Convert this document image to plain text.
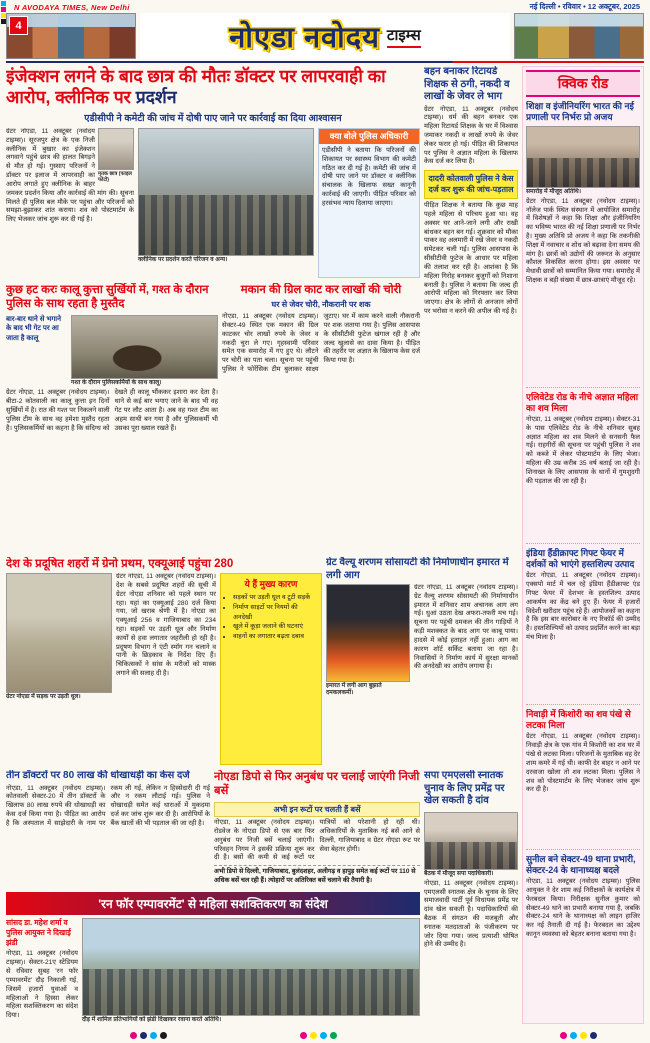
N AVODAYA TIMES, New Delhi	नई दिल्ली • रविवार • 12 अक्टूबर, 2025
4	नोएडा नवोदय टाइम्स
इंजेक्शन लगने के बाद छात्र की मौतः डॉक्टर पर लापरवाही का आरोप, क्लीनिक पर प्रदर्शन
एडीसीपी ने कमेटी की जांच में दोषी पाए जाने पर कार्रवाई का दिया आश्वासन
मृतक छात्र (फाइल फोटो)

ग्रेटर नोएडा, 11 अक्टूबर (नवोदय टाइम्स)। सूरजपुर क्षेत्र के एक निजी क्लीनिक में बुखार का इंजेक्शन लगवाने पहुंचे छात्र की हालत बिगड़ने से मौत हो गई। गुस्साए परिजनों ने डॉक्टर पर इलाज में लापरवाही का आरोप लगाते हुए क्लीनिक के बाहर जमकर प्रदर्शन किया और कार्रवाई की मांग की। सूचना मिलते ही पुलिस बल मौके पर पहुंचा और परिजनों को समझा-बुझाकर शांत कराया। शव को पोस्टमार्टम के लिए भेजकर जांच शुरू कर दी गई है।

क्लीनिक पर प्रदर्शन करते परिजन व अन्य।
क्या बोले पुलिस अधिकारी

एडीसीपी ने बताया कि परिजनों की शिकायत पर स्वास्थ्य विभाग की कमेटी गठित कर दी गई है। कमेटी की जांच में दोषी पाए जाने पर डॉक्टर व क्लीनिक संचालक के खिलाफ सख्त कानूनी कार्रवाई की जाएगी। पीड़ित परिवार को हरसंभव न्याय दिलाया जाएगा।

कुछ हट करः कालू कुत्ता सुर्खियों में, गश्त के दौरान पुलिस के साथ रहता है मुस्तैद
बार-बार थाने से भगाने के बाद भी गेट पर आ जाता है कालू
गश्त के दौरान पुलिसकर्मियों के साथ कालू।

ग्रेटर नोएडा, 11 अक्टूबर (नवोदय टाइम्स)। बीटा-2 कोतवाली का कालू कुत्ता इन दिनों सुर्खियों में है। रात की गश्त पर निकलने वाली पुलिस टीम के साथ वह हमेशा मुस्तैद रहता है। पुलिसकर्मियों का कहना है कि संदिग्ध को देखते ही कालू भौंककर इशारा कर देता है। थाने से कई बार भगाए जाने के बाद भी वह गेट पर लौट आता है। अब वह गश्त टीम का अहम साथी बन गया है और पुलिसकर्मी भी उसका पूरा ख्याल रखते हैं।

मकान की ग्रिल काट कर लाखों की चोरी
घर से जेवर चोरी, नौकरानी पर शक

नोएडा, 11 अक्टूबर (नवोदय टाइम्स)। सेक्टर-49 स्थित एक मकान की ग्रिल काटकर चोर लाखों रुपये के जेवर व नकदी चुरा ले गए। गृहस्वामी परिवार समेत एक समारोह में गए हुए थे। लौटने पर चोरी का पता चला। सूचना पर पहुंची पुलिस ने फोरेंसिक टीम बुलाकर साक्ष्य जुटाए। घर में काम करने वाली नौकरानी पर शक जताया गया है। पुलिस आसपास के सीसीटीवी फुटेज खंगाल रही है और जल्द खुलासे का दावा किया है। पीड़ित की तहरीर पर अज्ञात के खिलाफ केस दर्ज किया गया है।

बहन बनाकर रिटायर्ड शिक्षक से ठगी, नकदी व लाखों के जेवर ले भाग

ग्रेटर नोएडा, 11 अक्टूबर (नवोदय टाइम्स)। धर्म की बहन बनकर एक महिला रिटायर्ड शिक्षक के घर में विश्वास जमाकर नकदी व लाखों रुपये के जेवर लेकर फरार हो गई। पीड़ित की शिकायत पर पुलिस ने अज्ञात महिला के खिलाफ केस दर्ज कर लिया है।

दादरी कोतवाली पुलिस ने केस दर्ज कर शुरू की जांच-पड़ताल

पीड़ित शिक्षक ने बताया कि कुछ माह पहले महिला से परिचय हुआ था। वह अक्सर घर आने-जाने लगी और राखी बांधकर बहन बन गई। शुक्रवार को मौका पाकर वह अलमारी में रखे जेवर व नकदी समेटकर चली गई। पुलिस आसपास के सीसीटीवी फुटेज के आधार पर महिला की तलाश कर रही है। आशंका है कि महिला गिरोह बनाकर बुजुर्गों को निशाना बनाती है। पुलिस ने बताया कि जल्द ही आरोपी महिला को गिरफ्तार कर लिया जाएगा। क्षेत्र के लोगों से अनजान लोगों पर भरोसा न करने की अपील की गई है।

देश के प्रदूषित शहरों में ग्रेनो प्रथम, एक्यूआई पहुंचा 280
ग्रेटर नोएडा में सड़क पर उड़ती धूल।

ग्रेटर नोएडा, 11 अक्टूबर (नवोदय टाइम्स)। देश के सबसे प्रदूषित शहरों की सूची में ग्रेटर नोएडा शनिवार को पहले स्थान पर रहा। यहां का एक्यूआई 280 दर्ज किया गया, जो खराब श्रेणी में है। नोएडा का एक्यूआई 256 व गाजियाबाद का 234 रहा। सड़कों पर उड़ती धूल और निर्माण कार्यों से हवा लगातार जहरीली हो रही है। प्रदूषण विभाग ने एंटी स्मॉग गन चलाने व पानी के छिड़काव के निर्देश दिए हैं। चिकित्सकों ने सांस के मरीजों को मास्क लगाने की सलाह दी है।

ये हैं मुख्य कारण
• सड़कों पर उड़ती धूल व टूटी सड़कें
• निर्माण साइटों पर नियमों की अनदेखी
• खुले में कूड़ा जलाने की घटनाएं
• वाहनों का लगातार बढ़ता दबाव
ग्रेट वैल्यू शरणम सोसायटी की निर्माणाधीन इमारत में लगी आग
इमारत में लगी आग बुझाते दमकलकर्मी।

ग्रेटर नोएडा, 11 अक्टूबर (नवोदय टाइम्स)। ग्रेट वैल्यू शरणम सोसायटी की निर्माणाधीन इमारत में शनिवार शाम अचानक आग लग गई। धुआं उठता देख अफरा-तफरी मच गई। सूचना पर पहुंची दमकल की तीन गाड़ियों ने कड़ी मशक्कत के बाद आग पर काबू पाया। हादसे में कोई हताहत नहीं हुआ। आग का कारण शॉर्ट सर्किट बताया जा रहा है। निवासियों ने निर्माण कार्य में सुरक्षा मानकों की अनदेखी का आरोप लगाया है।

तीन डॉक्टरों पर 80 लाख की धोखाधड़ी का केस दर्ज

नोएडा, 11 अक्टूबर (नवोदय टाइम्स)। कोतवाली सेक्टर-20 में तीन डॉक्टरों के खिलाफ 80 लाख रुपये की धोखाधड़ी का केस दर्ज किया गया है। पीड़ित का आरोप है कि अस्पताल में साझेदारी के नाम पर रकम ली गई, लेकिन न हिस्सेदारी दी गई और न रकम लौटाई गई। पुलिस ने धोखाधड़ी समेत कई धाराओं में मुकदमा दर्ज कर जांच शुरू कर दी है। आरोपियों के बैंक खातों की भी पड़ताल की जा रही है।

नोएडा डिपो से फिर अनुबंध पर चलाई जाएंगी निजी बसें
अभी इन रूटों पर चलती हैं बसें

नोएडा, 11 अक्टूबर (नवोदय टाइम्स)। रोडवेज के नोएडा डिपो से एक बार फिर अनुबंध पर निजी बसें चलाई जाएंगी। परिवहन निगम ने इसकी प्रक्रिया शुरू कर दी है। बसों की कमी से कई रूटों पर यात्रियों को परेशानी हो रही थी। अधिकारियों के मुताबिक नई बसें आने से दिल्ली, गाजियाबाद व ग्रेटर नोएडा रूट पर सेवा बेहतर होगी।

अभी डिपो से दिल्ली, गाजियाबाद, बुलंदशहर, अलीगढ़ व हापुड़ समेत कई रूटों पर 110 से अधिक बसें चल रही हैं। त्योहारों पर अतिरिक्त बसें चलाने की तैयारी है।
'रन फॉर एम्पावरमेंट' से महिला सशक्तिकरण का संदेश
सांसद डा. महेश शर्मा व पुलिस आयुक्त ने दिखाई झंडी

नोएडा, 11 अक्टूबर (नवोदय टाइम्स)। सेक्टर-21ए स्टेडियम से रविवार सुबह 'रन फॉर एम्पावरमेंट' दौड़ निकाली गई, जिसमें हजारों युवाओं व महिलाओं ने हिस्सा लेकर महिला सशक्तिकरण का संदेश दिया।

दौड़ में शामिल प्रतिभागियों को झंडी दिखाकर रवाना करते अतिथि।
सपा एमएलसी स्नातक चुनाव के लिए प्रमेंद्र पर खेल सकती है दांव
बैठक में मौजूद सपा पदाधिकारी।

नोएडा, 11 अक्टूबर (नवोदय टाइम्स)। एमएलसी स्नातक क्षेत्र के चुनाव के लिए समाजवादी पार्टी पूर्व विधायक प्रमेंद्र पर दांव खेल सकती है। पदाधिकारियों की बैठक में संगठन की मजबूती और स्नातक मतदाताओं के पंजीकरण पर जोर दिया गया। जल्द प्रत्याशी घोषित होने की उम्मीद है।

क्विक रीड
शिक्षा व इंजीनियरिंग भारत की नई प्रणाली पर निर्भरः प्रो अजय
समारोह में मौजूद अतिथि।

ग्रेटर नोएडा, 11 अक्टूबर (नवोदय टाइम्स)। नॉलेज पार्क स्थित संस्थान में आयोजित समारोह में विशेषज्ञों ने कहा कि शिक्षा और इंजीनियरिंग का भविष्य भारत की नई शिक्षा प्रणाली पर निर्भर है। मुख्य अतिथि प्रो अजय ने कहा कि तकनीकी शिक्षा में नवाचार व शोध को बढ़ावा देना समय की मांग है। छात्रों को उद्योगों की जरूरत के अनुसार कौशल विकसित करना होगा। इस अवसर पर मेधावी छात्रों को सम्मानित किया गया। समारोह में शिक्षक व बड़ी संख्या में छात्र-छात्राएं मौजूद रहे।

एलिवेटेड रोड के नीचे अज्ञात महिला का शव मिला

नोएडा, 11 अक्टूबर (नवोदय टाइम्स)। सेक्टर-31 के पास एलिवेटेड रोड के नीचे शनिवार सुबह अज्ञात महिला का शव मिलने से सनसनी फैल गई। राहगीरों की सूचना पर पहुंची पुलिस ने शव को कब्जे में लेकर पोस्टमार्टम के लिए भेजा। महिला की उम्र करीब 35 वर्ष बताई जा रही है। शिनाख्त के लिए आसपास के थानों में गुमशुदगी की पड़ताल की जा रही है।

इंडिया हैंडीक्राफ्ट गिफ्ट फेयर में दर्शकों को भाएंगे हस्तशिल्प उत्पाद

ग्रेटर नोएडा, 11 अक्टूबर (नवोदय टाइम्स)। एक्सपो मार्ट में चल रहे इंडिया हैंडीक्राफ्ट एंड गिफ्ट फेयर में देशभर के हस्तशिल्प उत्पाद आकर्षण का केंद्र बने हुए हैं। फेयर में हजारों विदेशी खरीदार पहुंच रहे हैं। आयोजकों का कहना है कि इस बार कारोबार के नए रिकॉर्ड की उम्मीद है। हस्तशिल्पियों को उत्पाद प्रदर्शित करने का बड़ा मंच मिला है।

निवाड़ी में किशोरी का शव पंखे से लटका मिला

ग्रेटर नोएडा, 11 अक्टूबर (नवोदय टाइम्स)। निवाड़ी क्षेत्र के एक गांव में किशोरी का शव घर में पंखे से लटका मिला। परिजनों के मुताबिक वह देर शाम कमरे में गई थी। काफी देर बाहर न आने पर दरवाजा खोला तो शव लटका मिला। पुलिस ने शव को पोस्टमार्टम के लिए भेजकर जांच शुरू कर दी है।

सुनील बने सेक्टर-49 थाना प्रभारी, सेक्टर-24 के थानाध्यक्ष बदले

नोएडा, 11 अक्टूबर (नवोदय टाइम्स)। पुलिस आयुक्त ने देर शाम कई निरीक्षकों के कार्यक्षेत्र में फेरबदल किया। निरीक्षक सुनील कुमार को सेक्टर-49 थाने का प्रभारी बनाया गया है, जबकि सेक्टर-24 थाने के थानाध्यक्ष को लाइन हाजिर कर नई तैनाती दी गई है। फेरबदल का उद्देश्य कानून व्यवस्था को बेहतर बनाना बताया गया है।
